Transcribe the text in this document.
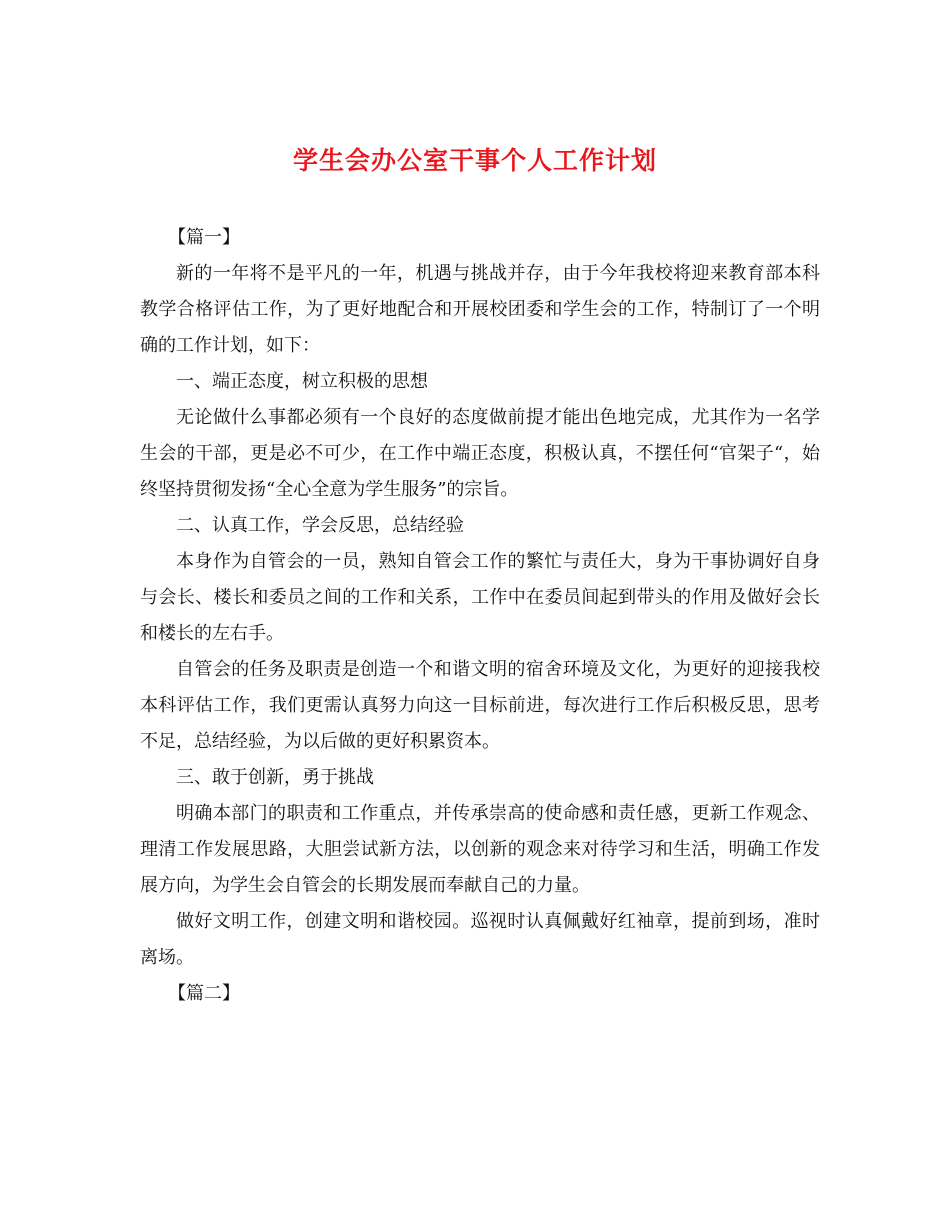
学生会办公室干事个人工作计划

【篇一】

新的一年将不是平凡的一年，机遇与挑战并存，由于今年我校将迎来教育部本科教学合格评估工作，为了更好地配合和开展校团委和学生会的工作，特制订了一个明确的工作计划，如下：

一、端正态度，树立积极的思想

无论做什么事都必须有一个良好的态度做前提才能出色地完成，尤其作为一名学生会的干部，更是必不可少，在工作中端正态度，积极认真，不摆任何“官架子“，始终坚持贯彻发扬“全心全意为学生服务”的宗旨。

二、认真工作，学会反思，总结经验

本身作为自管会的一员，熟知自管会工作的繁忙与责任大，身为干事协调好自身与会长、楼长和委员之间的工作和关系，工作中在委员间起到带头的作用及做好会长和楼长的左右手。

自管会的任务及职责是创造一个和谐文明的宿舍环境及文化，为更好的迎接我校本科评估工作，我们更需认真努力向这一目标前进，每次进行工作后积极反思，思考不足，总结经验，为以后做的更好积累资本。

三、敢于创新，勇于挑战

明确本部门的职责和工作重点，并传承崇高的使命感和责任感，更新工作观念、理清工作发展思路，大胆尝试新方法，以创新的观念来对待学习和生活，明确工作发展方向，为学生会自管会的长期发展而奉献自己的力量。

做好文明工作，创建文明和谐校园。巡视时认真佩戴好红袖章，提前到场，准时离场。

【篇二】
